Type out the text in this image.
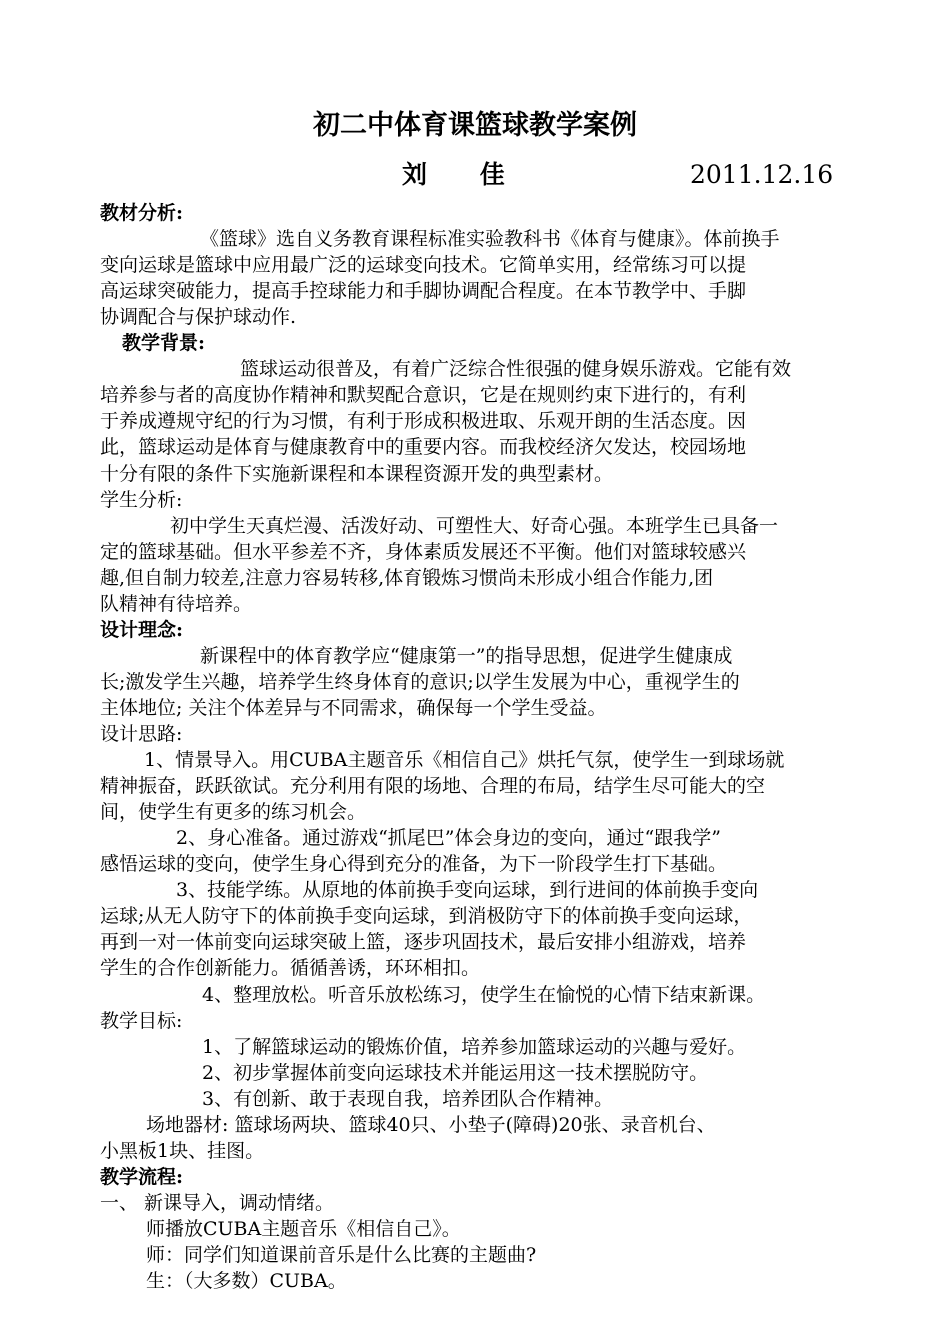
初二中体育课篮球教学案例
刘 佳	2011.12.16
教材分析:
《篮球》选自义务教育课程标准实验教科书《体育与健康》。体前换手
变向运球是篮球中应用最广泛的运球变向技术。它简单实用，经常练习可以提
高运球突破能力，提高手控球能力和手脚协调配合程度。在本节教学中、手脚
协调配合与保护球动作.
教学背景:
篮球运动很普及，有着广泛综合性很强的健身娱乐游戏。它能有效
培养参与者的高度协作精神和默契配合意识，它是在规则约束下进行的，有利
于养成遵规守纪的行为习惯，有利于形成积极进取、乐观开朗的生活态度。因
此，篮球运动是体育与健康教育中的重要内容。而我校经济欠发达，校园场地
十分有限的条件下实施新课程和本课程资源开发的典型素材。
学生分析:
初中学生天真烂漫、活泼好动、可塑性大、好奇心强。本班学生已具备一
定的篮球基础。但水平参差不齐，身体素质发展还不平衡。他们对篮球较感兴
趣,但自制力较差,注意力容易转移,体育锻炼习惯尚未形成小组合作能力,团
队精神有待培养。
设计理念:
新课程中的体育教学应“健康第一”的指导思想，促进学生健康成
长;激发学生兴趣，培养学生终身体育的意识;以学生发展为中心，重视学生的
主体地位; 关注个体差异与不同需求，确保每一个学生受益。
设计思路:
1、情景导入。用CUBA主题音乐《相信自己》烘托气氛，使学生一到球场就
精神振奋，跃跃欲试。充分利用有限的场地、合理的布局，结学生尽可能大的空
间，使学生有更多的练习机会。
2、身心准备。通过游戏“抓尾巴”体会身边的变向，通过“跟我学”
感悟运球的变向，使学生身心得到充分的准备，为下一阶段学生打下基础。
3、技能学练。从原地的体前换手变向运球，到行进间的体前换手变向
运球;从无人防守下的体前换手变向运球，到消极防守下的体前换手变向运球，
再到一对一体前变向运球突破上篮，逐步巩固技术，最后安排小组游戏，培养
学生的合作创新能力。循循善诱，环环相扣。
4、整理放松。听音乐放松练习，使学生在愉悦的心情下结束新课。
教学目标:
1、了解篮球运动的锻炼价值，培养参加篮球运动的兴趣与爱好。
2、初步掌握体前变向运球技术并能运用这一技术摆脱防守。
3、有创新、敢于表现自我，培养团队合作精神。
场地器材: 篮球场两块、篮球40只、小垫子(障碍)20张、录音机台、
小黑板1块、挂图。
教学流程:
一、 新课导入，调动情绪。
师播放CUBA主题音乐《相信自己》。
师：同学们知道课前音乐是什么比赛的主题曲?
生：（大多数）CUBA。
